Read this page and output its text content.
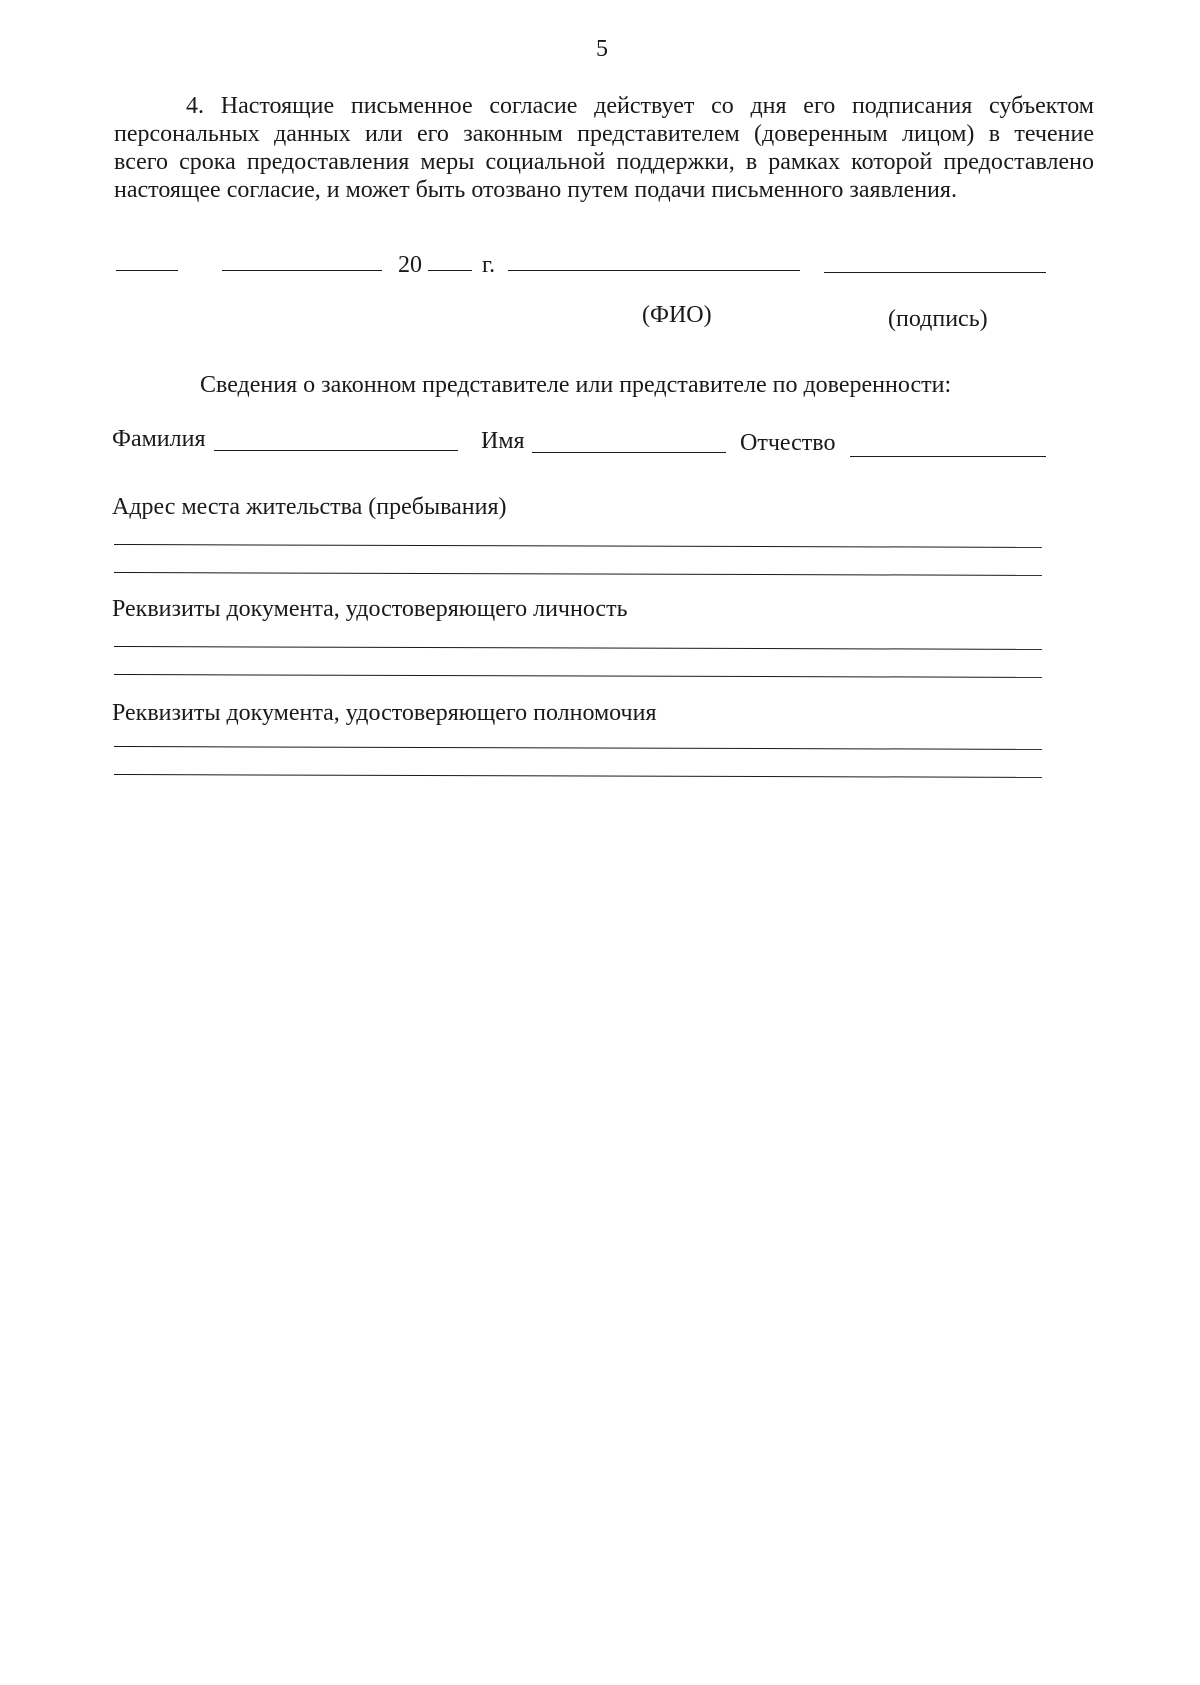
5
4. Настоящие письменное согласие действует со дня его подписания субъектом
персональных данных или его законным представителем (доверенным лицом) в течение
всего срока предоставления меры социальной поддержки, в рамках которой предоставлено
настоящее согласие, и может быть отозвано путем подачи письменного заявления.
20	г.
(ФИО)	(подпись)
Сведения о законном представителе или представителе по доверенности:
Фамилия	Имя	Отчество
Адрес места жительства (пребывания)
Реквизиты документа, удостоверяющего личность
Реквизиты документа, удостоверяющего полномочия
